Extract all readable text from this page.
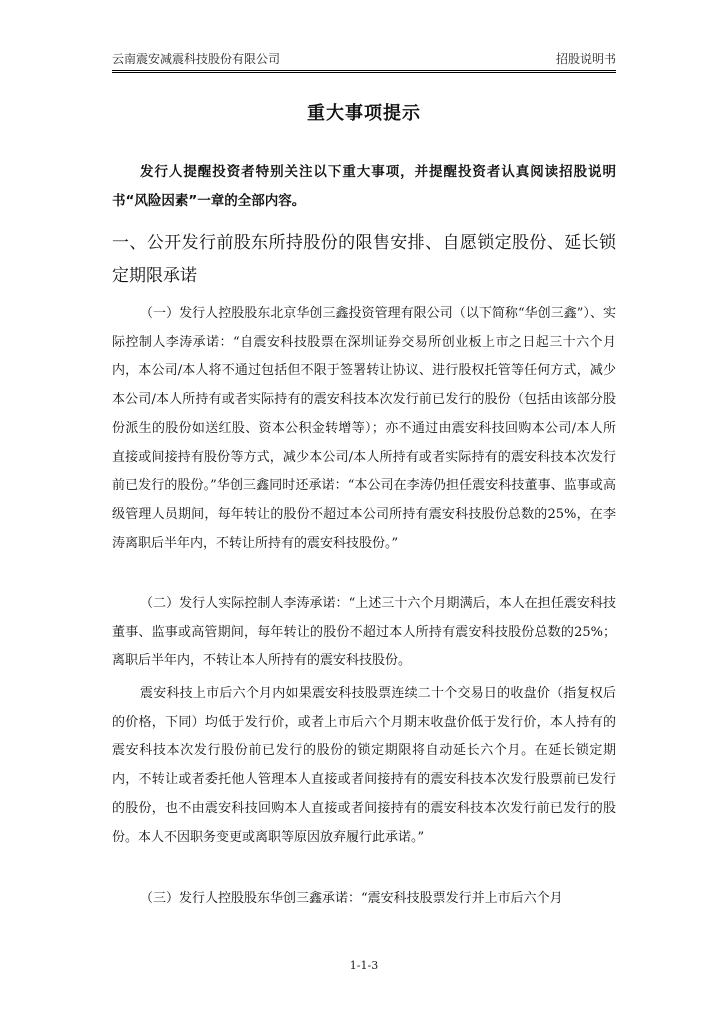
云南震安减震科技股份有限公司	招股说明书
重大事项提示
发行人提醒投资者特别关注以下重大事项，并提醒投资者认真阅读招股说明书“风险因素”一章的全部内容。
一、公开发行前股东所持股份的限售安排、自愿锁定股份、延长锁定期限承诺
（一）发行人控股股东北京华创三鑫投资管理有限公司（以下简称“华创三鑫”）、实际控制人李涛承诺：“自震安科技股票在深圳证券交易所创业板上市之日起三十六个月内，本公司/本人将不通过包括但不限于签署转让协议、进行股权托管等任何方式，减少本公司/本人所持有或者实际持有的震安科技本次发行前已发行的股份（包括由该部分股份派生的股份如送红股、资本公积金转增等）；亦不通过由震安科技回购本公司/本人所直接或间接持有股份等方式，减少本公司/本人所持有或者实际持有的震安科技本次发行前已发行的股份。”华创三鑫同时还承诺：“本公司在李涛仍担任震安科技董事、监事或高级管理人员期间，每年转让的股份不超过本公司所持有震安科技股份总数的25%，在李涛离职后半年内，不转让所持有的震安科技股份。”
（二）发行人实际控制人李涛承诺：“上述三十六个月期满后，本人在担任震安科技董事、监事或高管期间，每年转让的股份不超过本人所持有震安科技股份总数的25%；离职后半年内，不转让本人所持有的震安科技股份。
震安科技上市后六个月内如果震安科技股票连续二十个交易日的收盘价（指复权后的价格，下同）均低于发行价，或者上市后六个月期末收盘价低于发行价，本人持有的震安科技本次发行股份前已发行的股份的锁定期限将自动延长六个月。在延长锁定期内，不转让或者委托他人管理本人直接或者间接持有的震安科技本次发行股票前已发行的股份，也不由震安科技回购本人直接或者间接持有的震安科技本次发行前已发行的股份。本人不因职务变更或离职等原因放弃履行此承诺。”
（三）发行人控股股东华创三鑫承诺：“震安科技股票发行并上市后六个月
1-1-3
